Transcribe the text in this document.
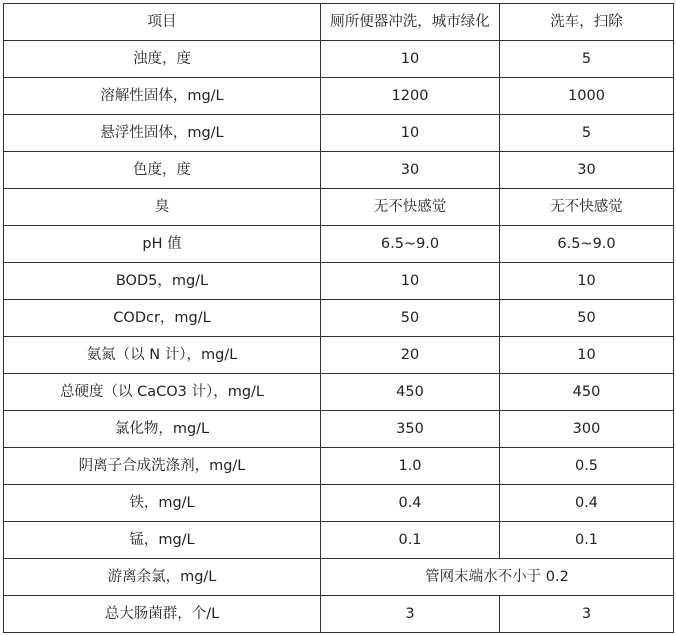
项目	厕所便器冲洗，城市绿化	洗车，扫除
浊度，度	10	5
溶解性固体，mg/L	1200	1000
悬浮性固体，mg/L	10	5
色度，度	30	30
臭	无不快感觉	无不快感觉
pH 值	6.5~9.0	6.5~9.0
BOD5，mg/L	10	10
CODcr，mg/L	50	50
氨氮（以 N 计），mg/L	20	10
总硬度（以 CaCO3 计），mg/L	450	450
氯化物，mg/L	350	300
阴离子合成洗涤剂，mg/L	1.0	0.5
铁，mg/L	0.4	0.4
锰，mg/L	0.1	0.1
游离余氯，mg/L	管网末端水不小于 0.2	
总大肠菌群，个/L	3	3
